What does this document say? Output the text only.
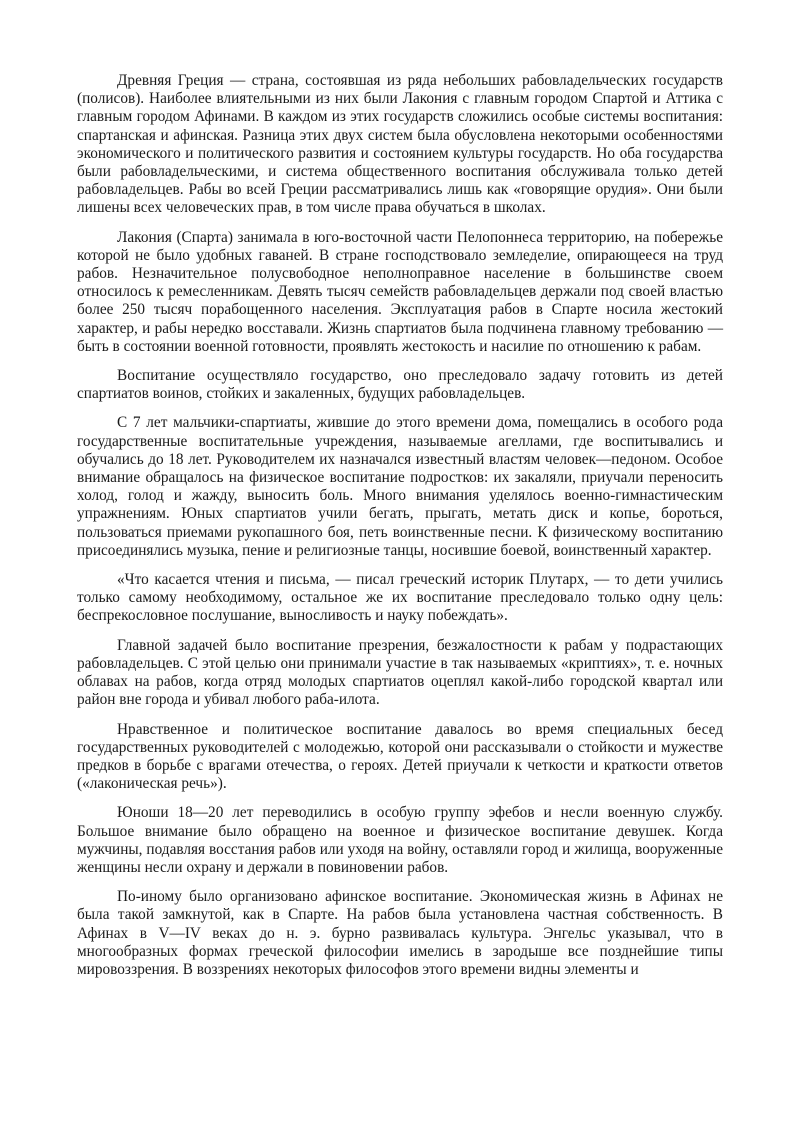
Древняя Греция — страна, состоявшая из ряда небольших рабовладельческих государств (полисов). Наиболее влиятельными из них были Лакония с главным городом Спартой и Аттика с главным городом Афинами. В каждом из этих государств сложились особые системы воспитания: спартанская и афинская. Разница этих двух систем была обусловлена некоторыми особенностями экономического и политического развития и состоянием культуры государств. Но оба государства были рабовладельческими, и система общественного воспитания обслуживала только детей рабовладельцев. Рабы во всей Греции рассматривались лишь как «говорящие орудия». Они были лишены всех человеческих прав, в том числе права обучаться в школах.

Лакония (Спарта) занимала в юго-восточной части Пелопоннеса территорию, на побережье которой не было удобных гаваней. В стране господствовало земледелие, опирающееся на труд рабов. Незначительное полусвободное неполноправное население в большинстве своем относилось к ремесленникам. Девять тысяч семейств рабовладельцев держали под своей властью более 250 тысяч порабощенного населения. Эксплуатация рабов в Спарте носила жестокий характер, и рабы нередко восставали. Жизнь спартиатов была подчинена главному требованию — быть в состоянии военной готовности, проявлять жестокость и насилие по отношению к рабам.

Воспитание осуществляло государство, оно преследовало задачу готовить из детей спартиатов воинов, стойких и закаленных, будущих рабовладельцев.

С 7 лет мальчики-спартиаты, жившие до этого времени дома, помещались в особого рода государственные воспитательные учреждения, называемые агеллами, где воспитывались и обучались до 18 лет. Руководителем их назначался известный властям человек—педоном. Особое внимание обращалось на физическое воспитание подростков: их закаляли, приучали переносить холод, голод и жажду, выносить боль. Много внимания уделялось военно-гимнастическим упражнениям. Юных спартиатов учили бегать, прыгать, метать диск и копье, бороться, пользоваться приемами рукопашного боя, петь воинственные песни. К физическому воспитанию присоединялись музыка, пение и религиозные танцы, носившие боевой, воинственный характер.

«Что касается чтения и письма, — писал греческий историк Плутарх, — то дети учились только самому необходимому, остальное же их воспитание преследовало только одну цель: беспрекословное послушание, выносливость и науку побеждать».

Главной задачей было воспитание презрения, безжалостности к рабам у подрастающих рабовладельцев. С этой целью они принимали участие в так называемых «криптиях», т. е. ночных облавах на рабов, когда отряд молодых спартиатов оцеплял какой-либо городской квартал или район вне города и убивал любого раба-илота.

Нравственное и политическое воспитание давалось во время специальных бесед государственных руководителей с молодежью, которой они рассказывали о стойкости и мужестве предков в борьбе с врагами отечества, о героях. Детей приучали к четкости и краткости ответов («лаконическая речь»).

Юноши 18—20 лет переводились в особую группу эфебов и несли военную службу. Большое внимание было обращено на военное и физическое воспитание девушек. Когда мужчины, подавляя восстания рабов или уходя на войну, оставляли город и жилища, вооруженные женщины несли охрану и держали в повиновении рабов.

По-иному было организовано афинское воспитание. Экономическая жизнь в Афинах не была такой замкнутой, как в Спарте. На рабов была установлена частная собственность. В Афинах в V—IV веках до н. э. бурно развивалась культура. Энгельс указывал, что в многообразных формах греческой философии имелись в зародыше все позднейшие типы мировоззрения. В воззрениях некоторых философов этого времени видны элементы и
